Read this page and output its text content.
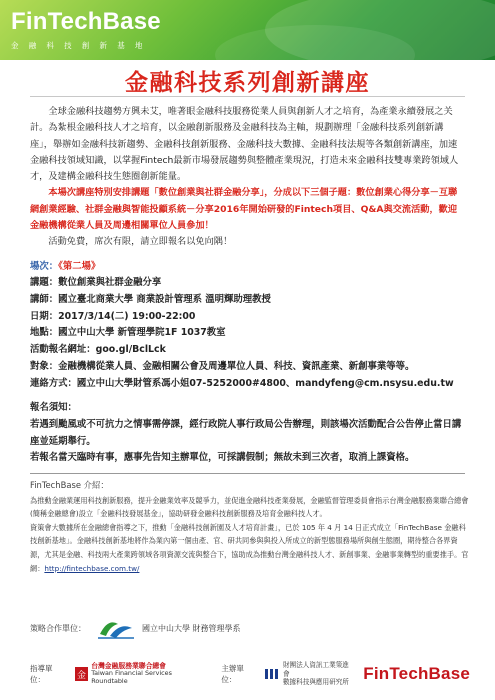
FinTechBase
金融科技創新基地
金融科技系列創新講座

全球金融科技趨勢方興未艾，唯著眼金融科技服務從業人員與創新人才之培育，為產業永續發展之关計。為紮根金融科技人才之培育，以金融創新服務及金融科技為主軸，規劃辦理「金融科技系列創新講座」，舉辦如金融科技新趨勢、金融科技創新服務、金融科技大數據、金融科技法規等各類創新講座，加速金融科技領域知識，以掌握Fintech最新市場發展趨勢與整體產業現況，打造未來金融科技雙專業跨領域人才，及建構金融科技生態圈創新能量。

本場次講座特別安排講題「數位創業與社群金融分享」，分成以下三個子題：數位創業心得分享－互聯網創業經驗、社群金融與智能投顧系統－分享2016年開始研發的Fintech項目、Q&A與交流活動，歡迎金融機構從業人員及周邊相關單位人員參加！

活動免費，席次有限，請立即報名以免向隅！

場次：《第二場》

講題：數位創業與社群金融分享

講師：國立臺北商業大學 商業設計管理系 溫明輝助理教授

日期：2017/3/14(二) 19:00-22:00

地點：國立中山大學 新管理學院1F 1037教室

活動報名網址：goo.gl/BclLck

對象：金融機構從業人員、金融相關公會及周邊單位人員、科技、資訊產業、新創事業等等。

連絡方式：國立中山大學財管系馮小姐07-5252000#4800、mandyfeng@cm.nsysu.edu.tw

報名須知：

若遇到颱風或不可抗力之情事需停課，經行政院人事行政局公告辦理，則該場次活動配合公告停止當日講座並延期舉行。

若報名當天臨時有事，應事先告知主辦單位，可採講假制；無故未到三次者，取消上課資格。

FinTechBase 介紹：

為推動金融業運用科技創新服務，提升金融業效率及競爭力，並促進金融科技產業發展，金融監督管理委員會指示台灣金融服務業聯合總會(簡稱金融總會)設立「金融科技發展基金」，協助研發金融科技創新服務及培育金融科技人才。

資策會大數據所在金融總會指導之下，推動「金融科技創新園及人才培育計畫」，已於 105 年 4 月 14 日正式成立「FinTechBase 金融科技創新基地」。金融科技創新基地將作為業內第一個由產、官、研共同參與與投入所成立的新型態服務場所與創生態圈，期待整合各界資源，尤其是金融、科技兩大產業跨領域各項資源交流與整合下，協助成為推動台灣金融科技人才、新創事業、金融事業轉型的重要推手。官網：http://fintechbase.com.tw/

策略合作單位：	國立中山大學 財務管理學系
指導單位：	金
台灣金融服務業聯合總會
Taiwan Financial Services Roundtable
主辦單位：
財團法人資訊工業策進會
數據科技與應用研究所 FinTechBase
